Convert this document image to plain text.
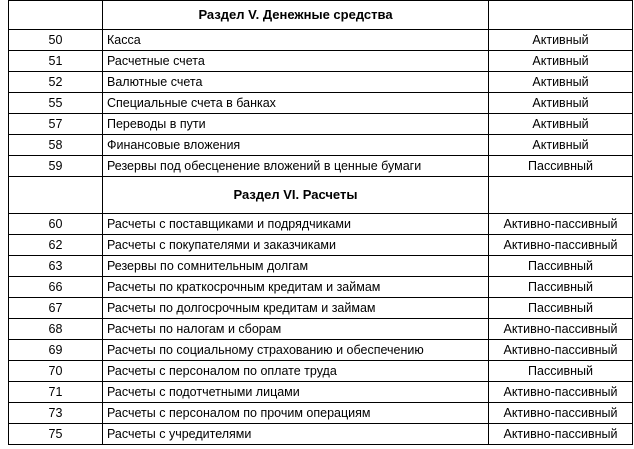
	Раздел V. Денежные средства	
50	Касса	Активный
51	Расчетные счета	Активный
52	Валютные счета	Активный
55	Специальные счета в банках	Активный
57	Переводы в пути	Активный
58	Финансовые вложения	Активный
59	Резервы под обесценение вложений в ценные бумаги	Пассивный
	Раздел VI. Расчеты	
60	Расчеты с поставщиками и подрядчиками	Активно-пассивный
62	Расчеты с покупателями и заказчиками	Активно-пассивный
63	Резервы по сомнительным долгам	Пассивный
66	Расчеты по краткосрочным кредитам и займам	Пассивный
67	Расчеты по долгосрочным кредитам и займам	Пассивный
68	Расчеты по налогам и сборам	Активно-пассивный
69	Расчеты по социальному страхованию и обеспечению	Активно-пассивный
70	Расчеты с персоналом по оплате труда	Пассивный
71	Расчеты с подотчетными лицами	Активно-пассивный
73	Расчеты с персоналом по прочим операциям	Активно-пассивный
75	Расчеты с учредителями	Активно-пассивный
